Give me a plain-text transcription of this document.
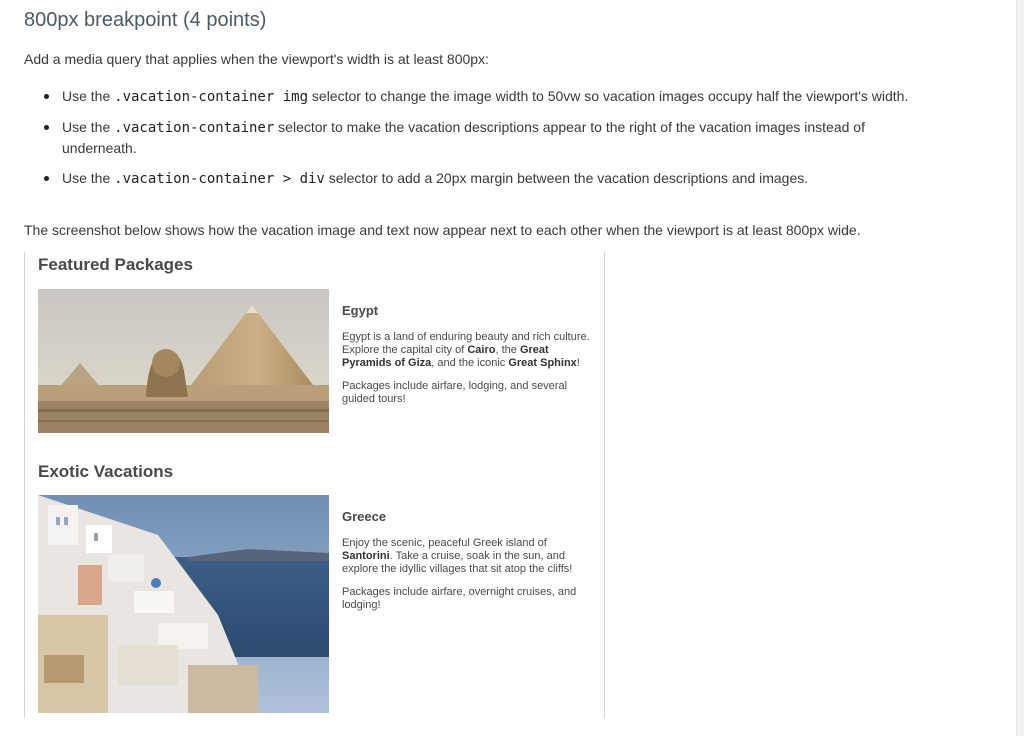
800px breakpoint (4 points)

Add a media query that applies when the viewport's width is at least 800px:

Use the .vacation-container img selector to change the image width to 50vw so vacation images occupy half the viewport's width.
Use the .vacation-container selector to make the vacation descriptions appear to the right of the vacation images instead of underneath.
Use the .vacation-container > div selector to add a 20px margin between the vacation descriptions and images.

The screenshot below shows how the vacation image and text now appear next to each other when the viewport is at least 800px wide.

Featured Packages
Egypt
Egypt is a land of enduring beauty and rich culture. Explore the capital city of Cairo, the Great Pyramids of Giza, and the iconic Great Sphinx!
Packages include airfare, lodging, and several guided tours!
Exotic Vacations
Greece
Enjoy the scenic, peaceful Greek island of Santorini. Take a cruise, soak in the sun, and explore the idyllic villages that sit atop the cliffs!
Packages include airfare, overnight cruises, and lodging!
